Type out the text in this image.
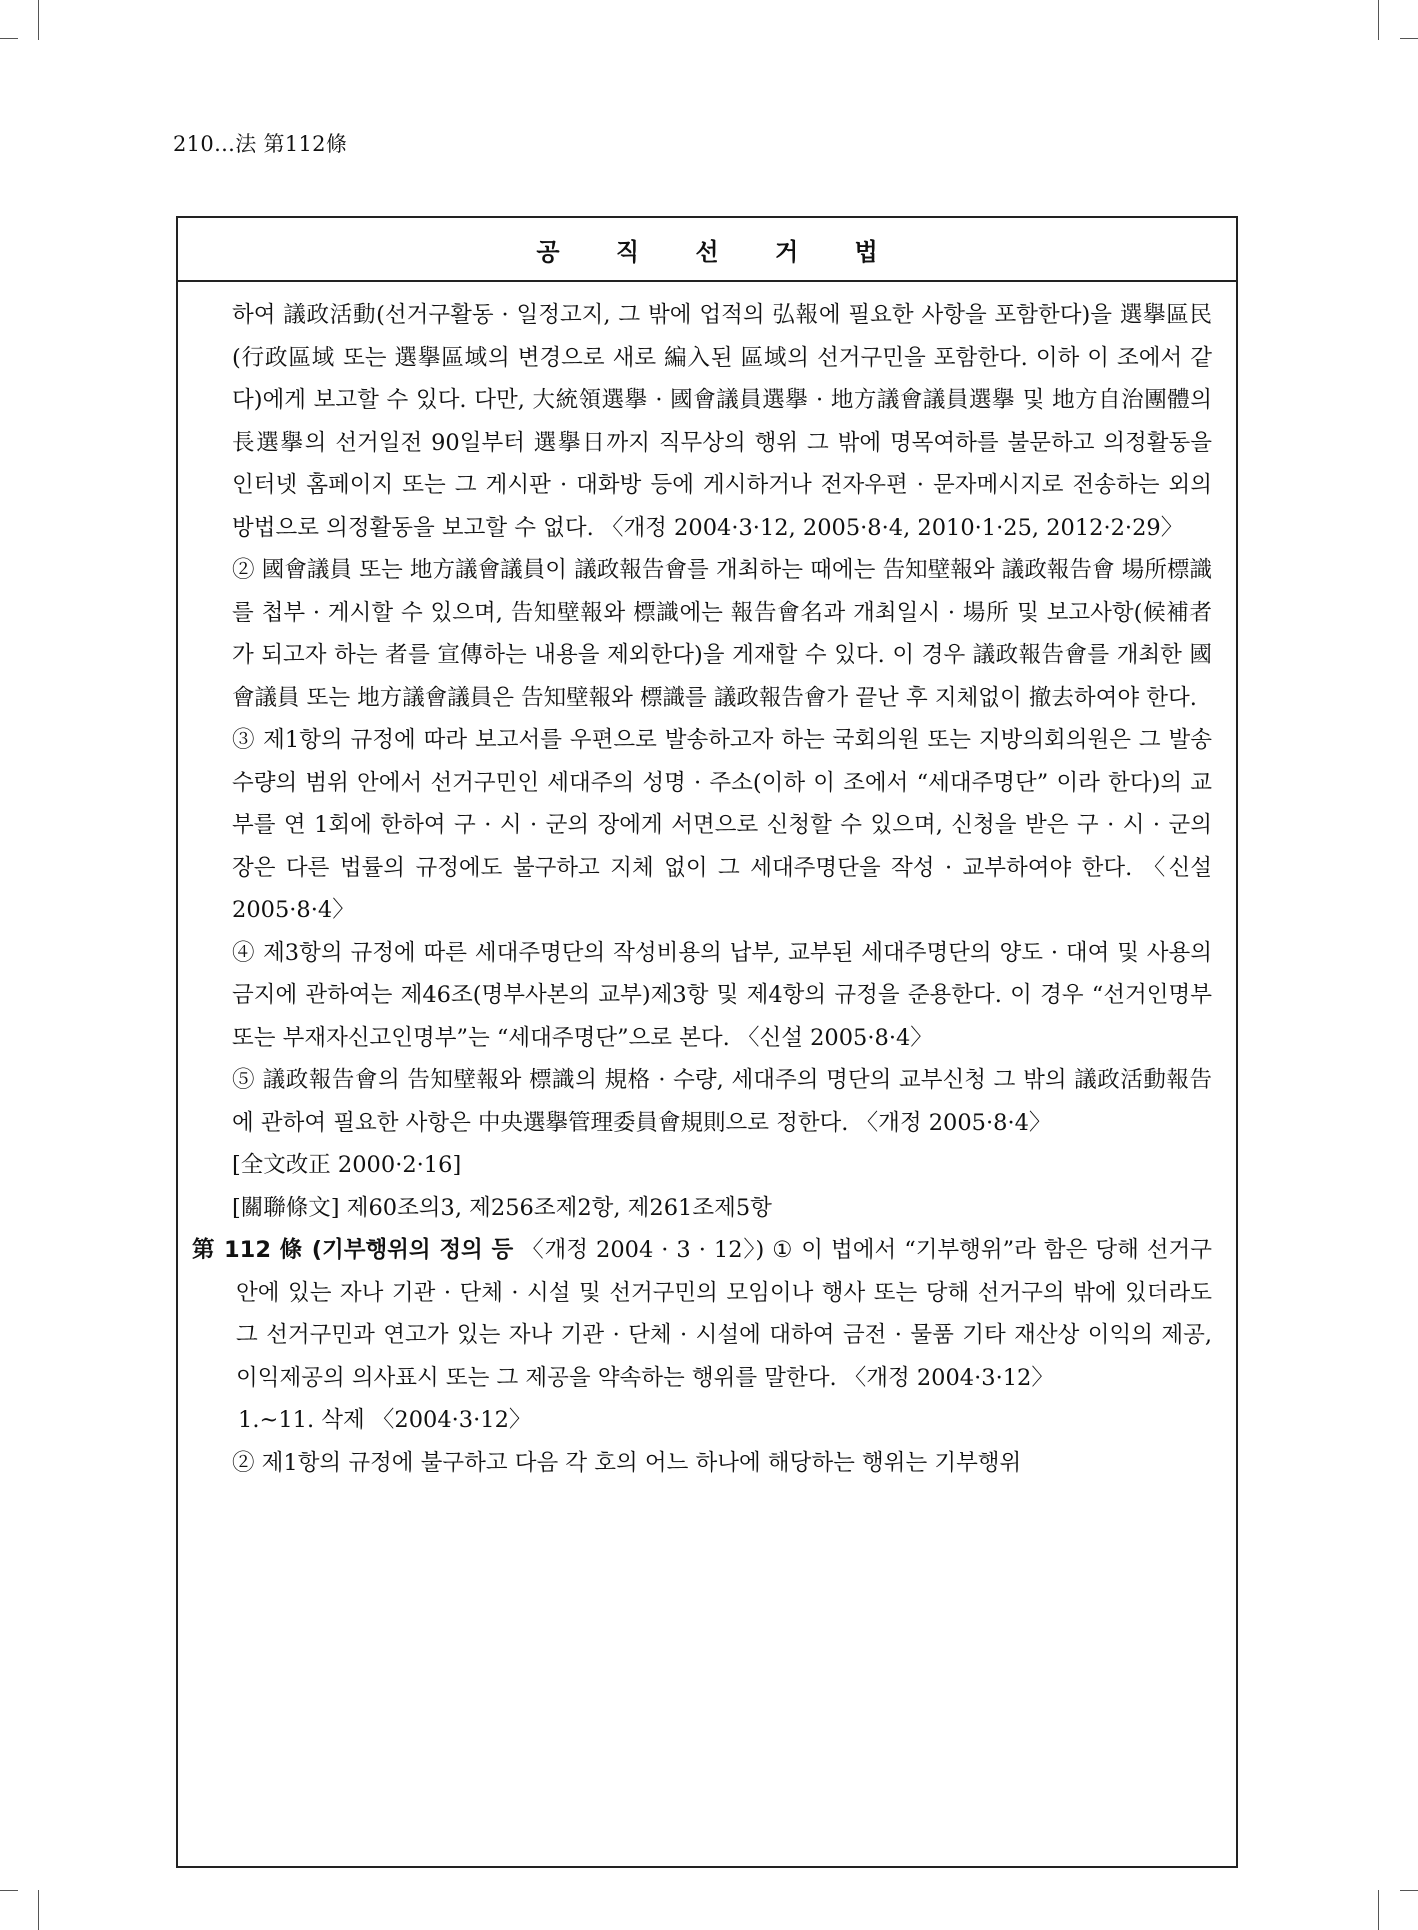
210…法 第112條
공 직 선 거 법

하여 議政活動(선거구활동 · 일정고지, 그 밖에 업적의 弘報에 필요한 사항을 포함한다)을 選擧區民(行政區域 또는 選擧區域의 변경으로 새로 編入된 區域의 선거구민을 포함한다. 이하 이 조에서 같다)에게 보고할 수 있다. 다만, 大統領選擧 · 國會議員選擧 · 地方議會議員選擧 및 地方自治團體의 長選擧의 선거일전 90일부터 選擧日까지 직무상의 행위 그 밖에 명목여하를 불문하고 의정활동을 인터넷 홈페이지 또는 그 게시판 · 대화방 등에 게시하거나 전자우편 · 문자메시지로 전송하는 외의 방법으로 의정활동을 보고할 수 없다. 〈개정 2004·3·12, 2005·8·4, 2010·1·25, 2012·2·29〉

② 國會議員 또는 地方議會議員이 議政報告會를 개최하는 때에는 告知壁報와 議政報告會 場所標識를 첩부 · 게시할 수 있으며, 告知壁報와 標識에는 報告會名과 개최일시 · 場所 및 보고사항(候補者가 되고자 하는 者를 宣傳하는 내용을 제외한다)을 게재할 수 있다. 이 경우 議政報告會를 개최한 國會議員 또는 地方議會議員은 告知壁報와 標識를 議政報告會가 끝난 후 지체없이 撤去하여야 한다.

③ 제1항의 규정에 따라 보고서를 우편으로 발송하고자 하는 국회의원 또는 지방의회의원은 그 발송수량의 범위 안에서 선거구민인 세대주의 성명 · 주소(이하 이 조에서 “세대주명단” 이라 한다)의 교부를 연 1회에 한하여 구 · 시 · 군의 장에게 서면으로 신청할 수 있으며, 신청을 받은 구 · 시 · 군의 장은 다른 법률의 규정에도 불구하고 지체 없이 그 세대주명단을 작성 · 교부하여야 한다. 〈신설 2005·8·4〉

④ 제3항의 규정에 따른 세대주명단의 작성비용의 납부, 교부된 세대주명단의 양도 · 대여 및 사용의 금지에 관하여는 제46조(명부사본의 교부)제3항 및 제4항의 규정을 준용한다. 이 경우 “선거인명부 또는 부재자신고인명부”는 “세대주명단”으로 본다. 〈신설 2005·8·4〉

⑤ 議政報告會의 告知壁報와 標識의 規格 · 수량, 세대주의 명단의 교부신청 그 밖의 議政活動報告에 관하여 필요한 사항은 中央選擧管理委員會規則으로 정한다. 〈개정 2005·8·4〉

[全文改正 2000·2·16]

[關聯條文] 제60조의3, 제256조제2항, 제261조제5항

第 112 條 (기부행위의 정의 등 〈개정 2004 · 3 · 12〉) ① 이 법에서 “기부행위”라 함은 당해 선거구안에 있는 자나 기관 · 단체 · 시설 및 선거구민의 모임이나 행사 또는 당해 선거구의 밖에 있더라도 그 선거구민과 연고가 있는 자나 기관 · 단체 · 시설에 대하여 금전 · 물품 기타 재산상 이익의 제공, 이익제공의 의사표시 또는 그 제공을 약속하는 행위를 말한다. 〈개정 2004·3·12〉

1.~11. 삭제 〈2004·3·12〉

② 제1항의 규정에 불구하고 다음 각 호의 어느 하나에 해당하는 행위는 기부행위
